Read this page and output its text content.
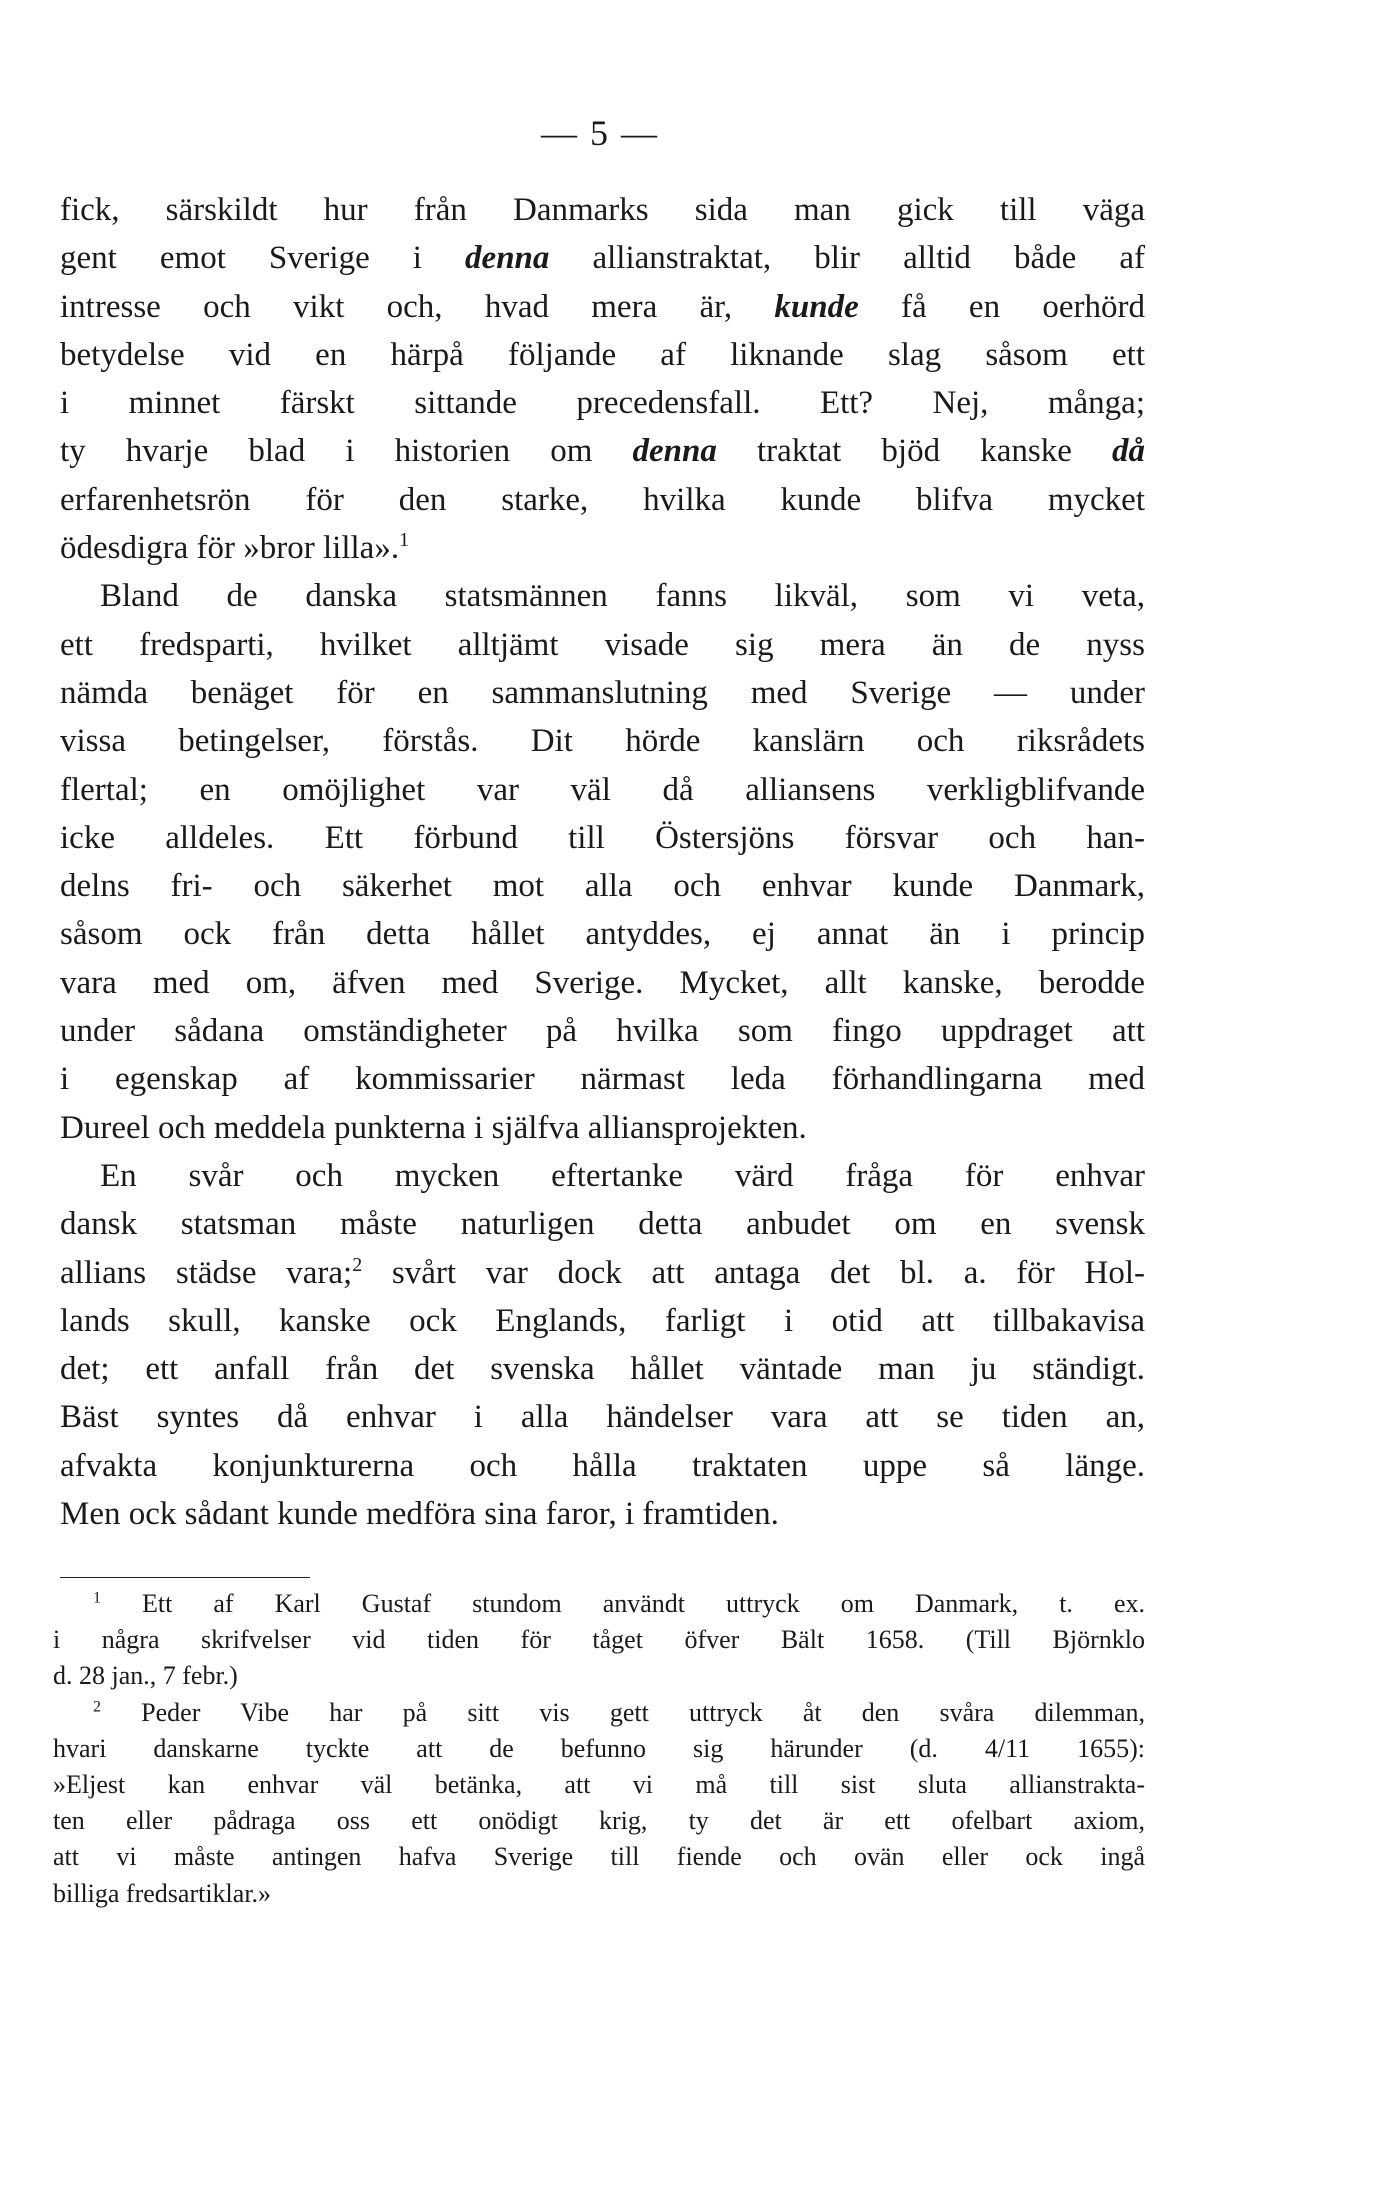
— 5 —
fick, särskildt hur från Danmarks sida man gick till väga
gent emot Sverige i denna allianstraktat, blir alltid både af
intresse och vikt och, hvad mera är, kunde få en oerhörd
betydelse vid en härpå följande af liknande slag såsom ett
i minnet färskt sittande precedensfall. Ett? Nej, många;
ty hvarje blad i historien om denna traktat bjöd kanske då
erfarenhetsrön för den starke, hvilka kunde blifva mycket
ödesdigra för »bror lilla».$^1$
Bland de danska statsmännen fanns likväl, som vi veta,
ett fredsparti, hvilket alltjämt visade sig mera än de nyss
nämda benäget för en sammanslutning med Sverige — under
vissa betingelser, förstås. Dit hörde kanslärn och riksrådets
flertal; en omöjlighet var väl då alliansens verkligblifvande
icke alldeles. Ett förbund till Östersjöns försvar och han-
delns fri- och säkerhet mot alla och enhvar kunde Danmark,
såsom ock från detta hållet antyddes, ej annat än i princip
vara med om, äfven med Sverige. Mycket, allt kanske, berodde
under sådana omständigheter på hvilka som fingo uppdraget att
i egenskap af kommissarier närmast leda förhandlingarna med
Dureel och meddela punkterna i själfva alliansprojekten.
En svår och mycken eftertanke värd fråga för enhvar
dansk statsman måste naturligen detta anbudet om en svensk
allians städse vara;$^2$ svårt var dock att antaga det bl. a. för Hol-
lands skull, kanske ock Englands, farligt i otid att tillbakavisa
det; ett anfall från det svenska hållet väntade man ju ständigt.
Bäst syntes då enhvar i alla händelser vara att se tiden an,
afvakta konjunkturerna och hålla traktaten uppe så länge.
Men ock sådant kunde medföra sina faror, i framtiden.
$^1$ Ett af Karl Gustaf stundom användt uttryck om Danmark, t. ex.
i några skrifvelser vid tiden för tåget öfver Bält 1658. (Till Björnklo
d. 28 jan., 7 febr.)
$^2$ Peder Vibe har på sitt vis gett uttryck åt den svåra dilemman,
hvari danskarne tyckte att de befunno sig härunder (d. 4/11 1655):
»Eljest kan enhvar väl betänka, att vi må till sist sluta allianstrakta-
ten eller pådraga oss ett onödigt krig, ty det är ett ofelbart axiom,
att vi måste antingen hafva Sverige till fiende och ovän eller ock ingå
billiga fredsartiklar.»
